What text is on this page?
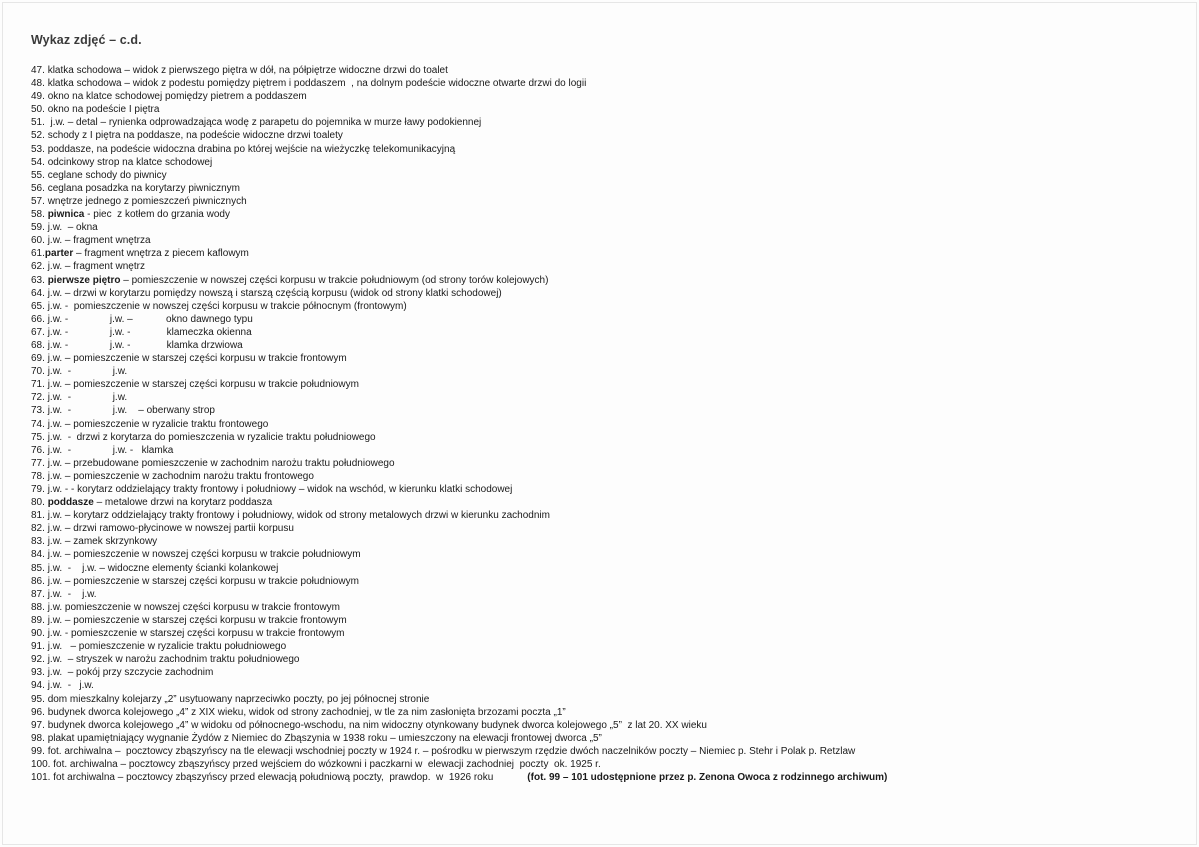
Wykaz zdjęć – c.d.
47. klatka schodowa – widok z pierwszego piętra w dół, na półpiętrze widoczne drzwi do toalet
48. klatka schodowa – widok z podestu pomiędzy piętrem i poddaszem  , na dolnym podeście widoczne otwarte drzwi do logii
49. okno na klatce schodowej pomiędzy pietrem a poddaszem
50. okno na podeście I piętra
51.  j.w. – detal – rynienka odprowadzająca wodę z parapetu do pojemnika w murze ławy podokiennej
52. schody z I piętra na poddasze, na podeście widoczne drzwi toalety
53. poddasze, na podeście widoczna drabina po której wejście na wieżyczkę telekomunikacyjną
54. odcinkowy strop na klatce schodowej
55. ceglane schody do piwnicy
56. ceglana posadzka na korytarzy piwnicznym
57. wnętrze jednego z pomieszczeń piwnicznych
58. piwnica - piec  z kotłem do grzania wody
59. j.w.  – okna
60. j.w. – fragment wnętrza
61.parter – fragment wnętrza z piecem kaflowym
62. j.w. – fragment wnętrz
63. pierwsze piętro – pomieszczenie w nowszej części korpusu w trakcie południowym (od strony torów kolejowych)
64. j.w. – drzwi w korytarzu pomiędzy nowszą i starszą częścią korpusu (widok od strony klatki schodowej)
65. j.w. -  pomieszczenie w nowszej części korpusu w trakcie północnym (frontowym)
66. j.w. -               j.w. –            okno dawnego typu
67. j.w. -               j.w. -             klameczka okienna
68. j.w. -               j.w. -             klamka drzwiowa
69. j.w. – pomieszczenie w starszej części korpusu w trakcie frontowym
70. j.w.  -               j.w.
71. j.w. – pomieszczenie w starszej części korpusu w trakcie południowym
72. j.w.  -               j.w.
73. j.w.  -               j.w.    – oberwany strop
74. j.w. – pomieszczenie w ryzalicie traktu frontowego
75. j.w.  -  drzwi z korytarza do pomieszczenia w ryzalicie traktu południowego
76. j.w.  -               j.w. -   klamka
77. j.w. – przebudowane pomieszczenie w zachodnim narożu traktu południowego
78. j.w. – pomieszczenie w zachodnim narożu traktu frontowego
79. j.w. - - korytarz oddzielający trakty frontowy i południowy – widok na wschód, w kierunku klatki schodowej
80. poddasze – metalowe drzwi na korytarz poddasza
81. j.w. – korytarz oddzielający trakty frontowy i południowy, widok od strony metalowych drzwi w kierunku zachodnim
82. j.w. – drzwi ramowo-płycinowe w nowszej partii korpusu
83. j.w. – zamek skrzynkowy
84. j.w. – pomieszczenie w nowszej części korpusu w trakcie południowym
85. j.w.  -    j.w. – widoczne elementy ścianki kolankowej
86. j.w. – pomieszczenie w starszej części korpusu w trakcie południowym
87. j.w.  -    j.w.
88. j.w. pomieszczenie w nowszej części korpusu w trakcie frontowym
89. j.w. – pomieszczenie w starszej części korpusu w trakcie frontowym
90. j.w. - pomieszczenie w starszej części korpusu w trakcie frontowym
91. j.w.   – pomieszczenie w ryzalicie traktu południowego
92. j.w.  – stryszek w narożu zachodnim traktu południowego
93. j.w.  – pokój przy szczycie zachodnim
94. j.w.  -   j.w.
95. dom mieszkalny kolejarzy „2” usytuowany naprzeciwko poczty, po jej północnej stronie
96. budynek dworca kolejowego „4” z XIX wieku, widok od strony zachodniej, w tle za nim zasłonięta brzozami poczta „1”
97. budynek dworca kolejowego „4” w widoku od północnego-wschodu, na nim widoczny otynkowany budynek dworca kolejowego „5”  z lat 20. XX wieku
98. plakat upamiętniający wygnanie Żydów z Niemiec do Zbąszynia w 1938 roku – umieszczony na elewacji frontowej dworca „5”
99. fot. archiwalna –  pocztowcy zbąszyńscy na tle elewacji wschodniej poczty w 1924 r. – pośrodku w pierwszym rzędzie dwóch naczelników poczty – Niemiec p. Stehr i Polak p. Retzlaw
100. fot. archiwalna – pocztowcy zbąszyńscy przed wejściem do wózkowni i paczkarni w  elewacji zachodniej  poczty  ok. 1925 r.
101. fot archiwalna – pocztowcy zbąszyńscy przed elewacją południową poczty,  prawdop.  w  1926 roku	(fot. 99 – 101 udostępnione przez p. Zenona Owoca z rodzinnego archiwum)
